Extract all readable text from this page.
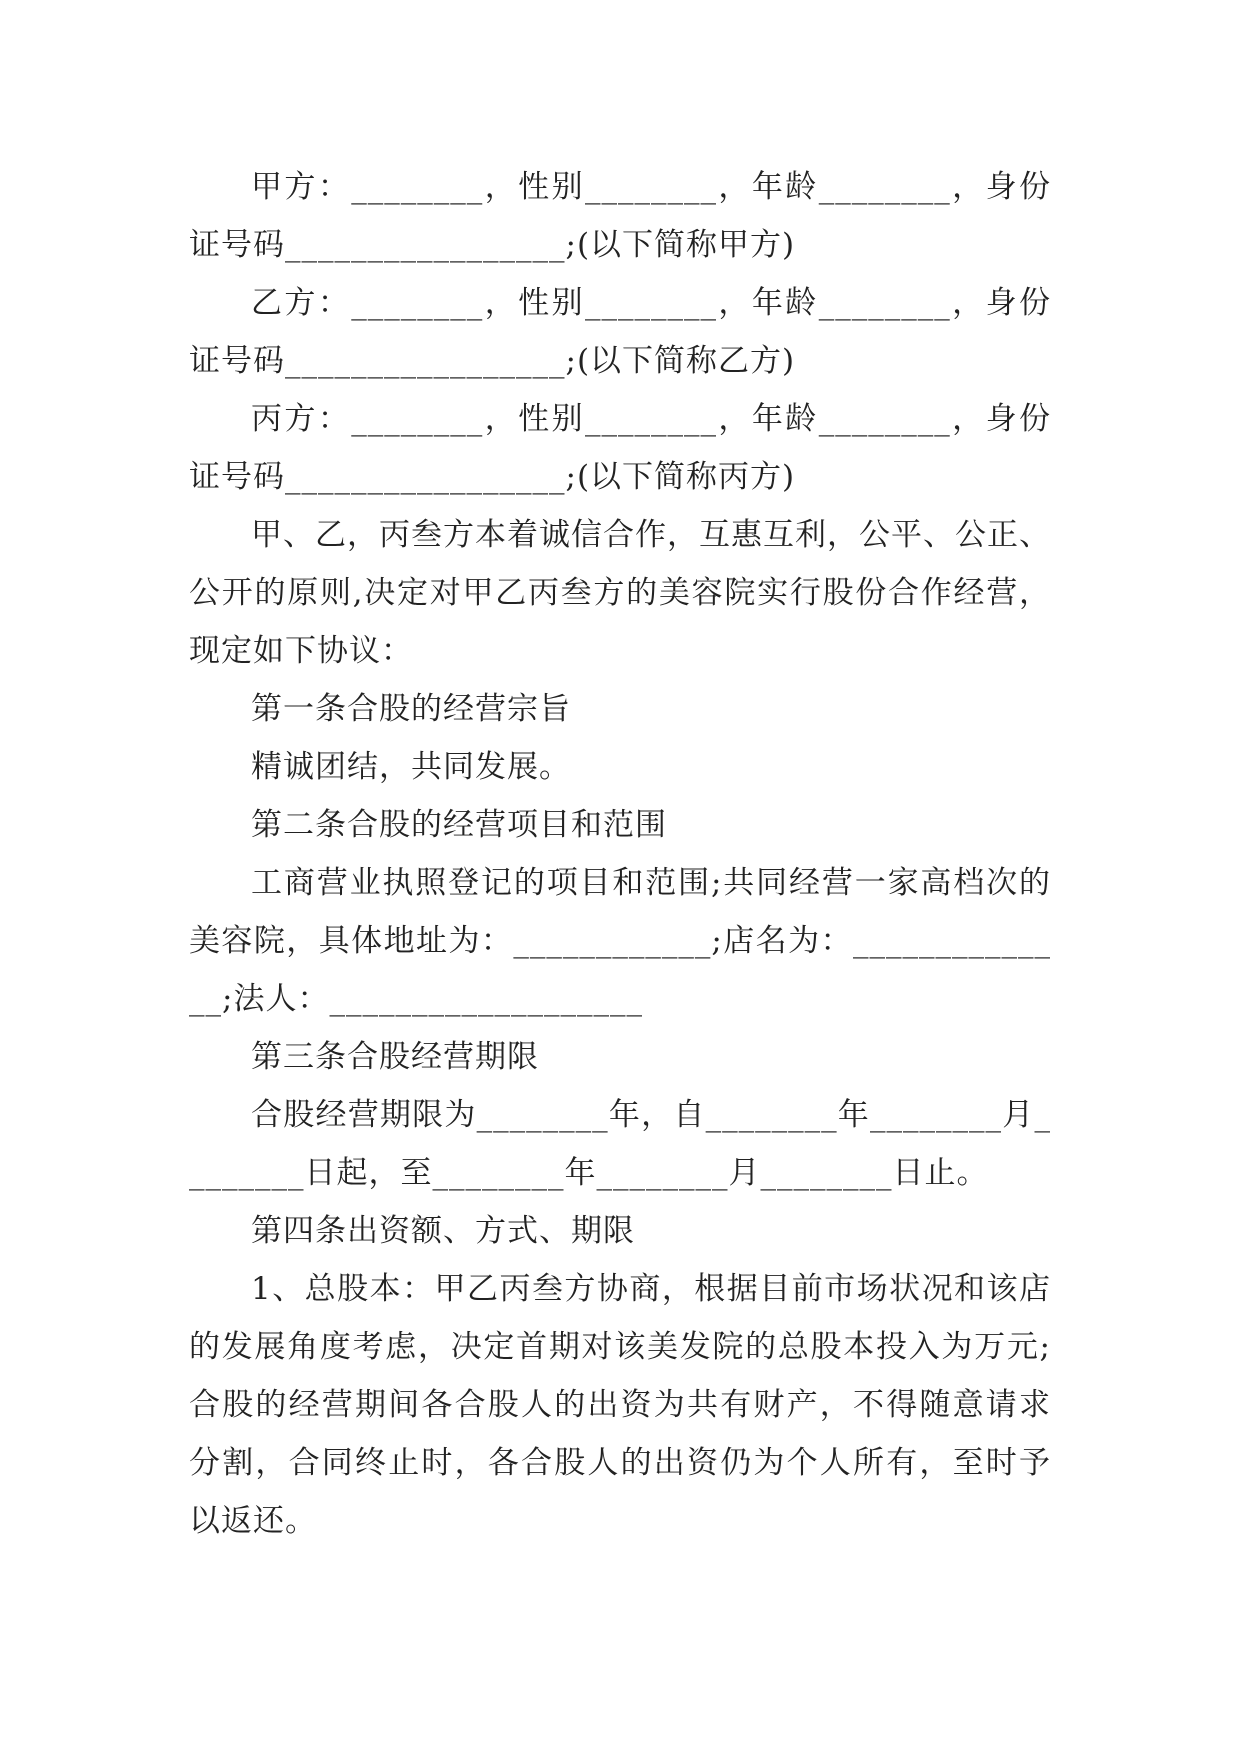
甲方：________，性别________，年龄________，身份证号码_________________;(以下简称甲方)

乙方：________，性别________，年龄________，身份证号码_________________;(以下简称乙方)

丙方：________，性别________，年龄________，身份证号码_________________;(以下简称丙方)

甲、乙，丙叁方本着诚信合作，互惠互利，公平、公正、公开的原则,决定对甲乙丙叁方的美容院实行股份合作经营，现定如下协议：

第一条合股的经营宗旨

精诚团结，共同发展。

第二条合股的经营项目和范围

工商营业执照登记的项目和范围;共同经营一家高档次的美容院，具体地址为：____________;店名为：______________;法人：___________________

第三条合股经营期限

合股经营期限为________年，自________年________月________日起，至________年________月________日止。

第四条出资额、方式、期限

1、总股本：甲乙丙叁方协商，根据目前市场状况和该店的发展角度考虑，决定首期对该美发院的总股本投入为万元;合股的经营期间各合股人的出资为共有财产，不得随意请求分割，合同终止时，各合股人的出资仍为个人所有，至时予以返还。
